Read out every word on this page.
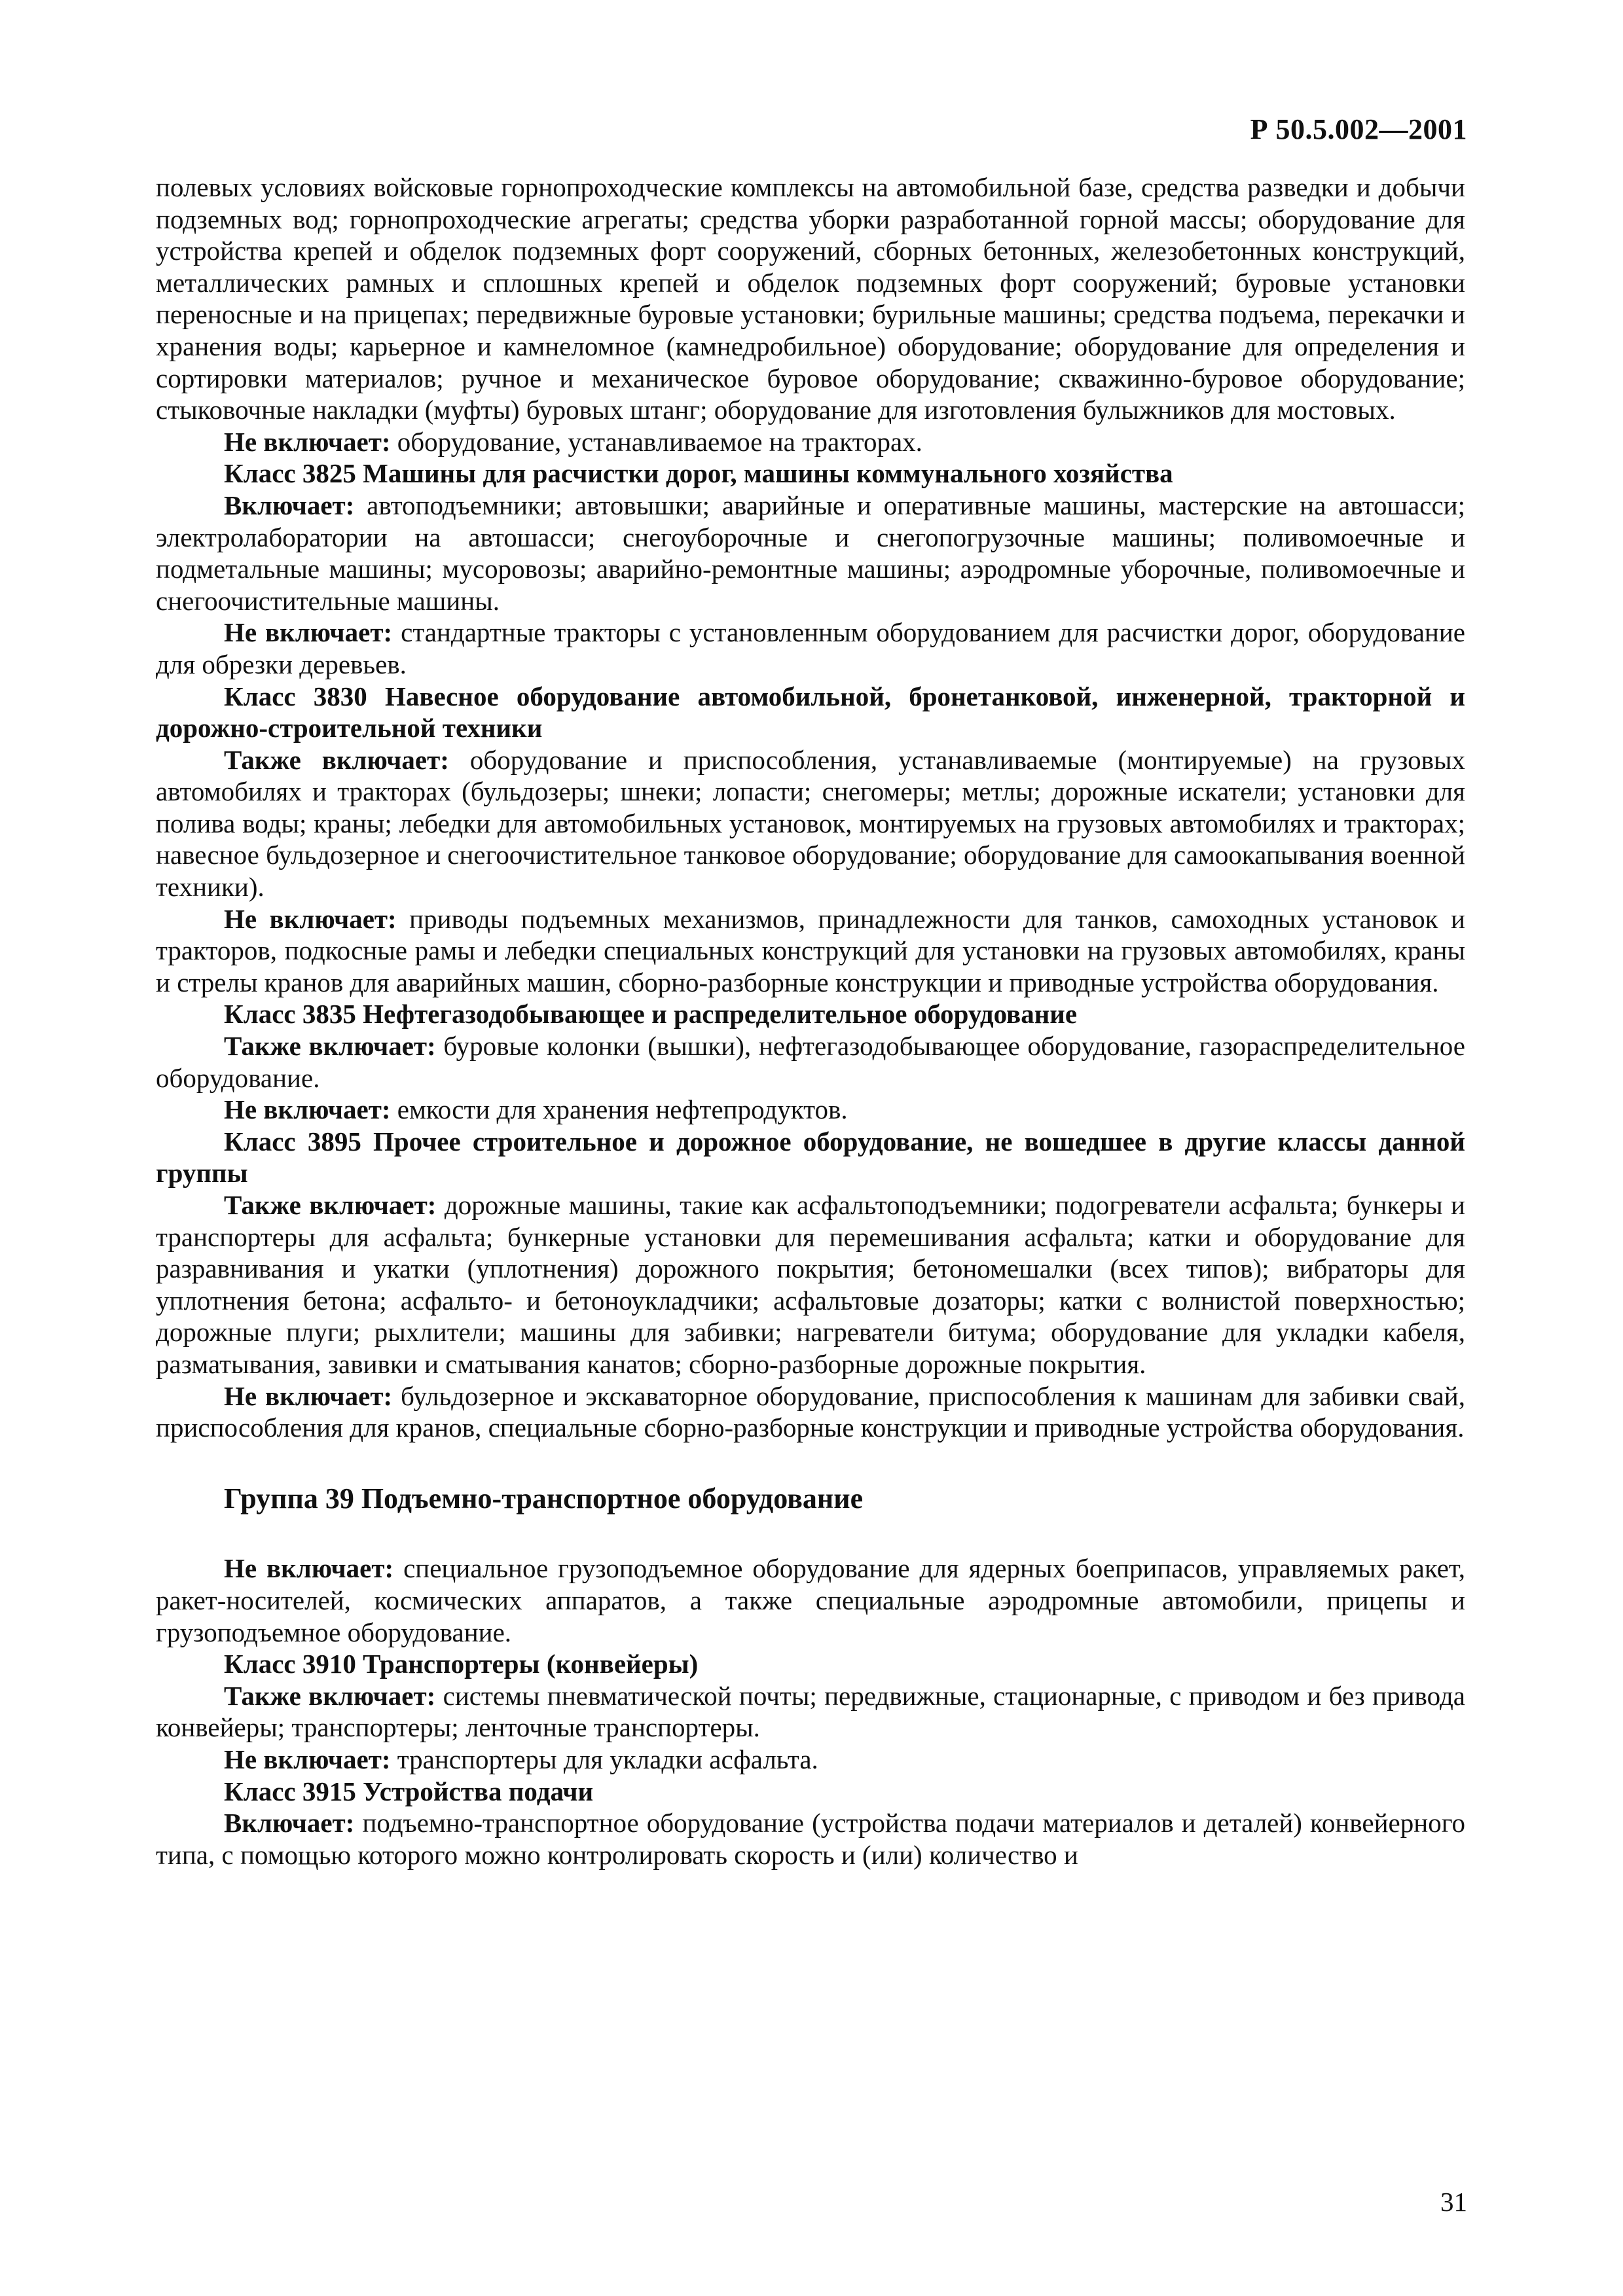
Р 50.5.002—2001

полевых условиях войсковые горнопроходческие комплексы на автомобильной базе, средства разведки и добычи подземных вод; горнопроходческие агрегаты; средства уборки разработанной горной массы; оборудование для устройства крепей и обделок подземных форт сооружений, сборных бетонных, железобетонных конструкций, металлических рамных и сплошных крепей и обделок подземных форт сооружений; буровые установки переносные и на прицепах; передвижные буровые установки; бурильные машины; средства подъема, перекачки и хранения воды; карьерное и камнеломное (камнедробильное) оборудование; оборудование для определения и сортировки материалов; ручное и механическое буровое оборудование; скважинно-буровое оборудование; стыковочные накладки (муфты) буровых штанг; оборудование для изготовления булыжников для мостовых.

Не включает: оборудование, устанавливаемое на тракторах.

Класс 3825 Машины для расчистки дорог, машины коммунального хозяйства

Включает: автоподъемники; автовышки; аварийные и оперативные машины, мастерские на автошасси; электролаборатории на автошасси; снегоуборочные и снегопогрузочные машины; поливомоечные и подметальные машины; мусоровозы; аварийно-ремонтные машины; аэродромные уборочные, поливомоечные и снегоочистительные машины.

Не включает: стандартные тракторы с установленным оборудованием для расчистки дорог, оборудование для обрезки деревьев.

Класс 3830 Навесное оборудование автомобильной, бронетанковой, инженерной, тракторной и дорожно-строительной техники

Также включает: оборудование и приспособления, устанавливаемые (монтируемые) на грузовых автомобилях и тракторах (бульдозеры; шнеки; лопасти; снегомеры; метлы; дорожные искатели; установки для полива воды; краны; лебедки для автомобильных установок, монтируемых на грузовых автомобилях и тракторах; навесное бульдозерное и снегоочистительное танковое оборудование; оборудование для самоокапывания военной техники).

Не включает: приводы подъемных механизмов, принадлежности для танков, самоходных установок и тракторов, подкосные рамы и лебедки специальных конструкций для установки на грузовых автомобилях, краны и стрелы кранов для аварийных машин, сборно-разборные конструкции и приводные устройства оборудования.

Класс 3835 Нефтегазодобывающее и распределительное оборудование

Также включает: буровые колонки (вышки), нефтегазодобывающее оборудование, газораспределительное оборудование.

Не включает: емкости для хранения нефтепродуктов.

Класс 3895 Прочее строительное и дорожное оборудование, не вошедшее в другие классы данной группы

Также включает: дорожные машины, такие как асфальтоподъемники; подогреватели асфальта; бункеры и транспортеры для асфальта; бункерные установки для перемешивания асфальта; катки и оборудование для разравнивания и укатки (уплотнения) дорожного покрытия; бетономешалки (всех типов); вибраторы для уплотнения бетона; асфальто- и бетоноукладчики; асфальтовые дозаторы; катки с волнистой поверхностью; дорожные плуги; рыхлители; машины для забивки; нагреватели битума; оборудование для укладки кабеля, разматывания, завивки и сматывания канатов; сборно-разборные дорожные покрытия.

Не включает: бульдозерное и экскаваторное оборудование, приспособления к машинам для забивки свай, приспособления для кранов, специальные сборно-разборные конструкции и приводные устройства оборудования.

Группа 39 Подъемно-транспортное оборудование

Не включает: специальное грузоподъемное оборудование для ядерных боеприпасов, управляемых ракет, ракет-носителей, космических аппаратов, а также специальные аэродромные автомобили, прицепы и грузоподъемное оборудование.

Класс 3910 Транспортеры (конвейеры)

Также включает: системы пневматической почты; передвижные, стационарные, с приводом и без привода конвейеры; транспортеры; ленточные транспортеры.

Не включает: транспортеры для укладки асфальта.

Класс 3915 Устройства подачи

Включает: подъемно-транспортное оборудование (устройства подачи материалов и деталей) конвейерного типа, с помощью которого можно контролировать скорость и (или) количество и

31
